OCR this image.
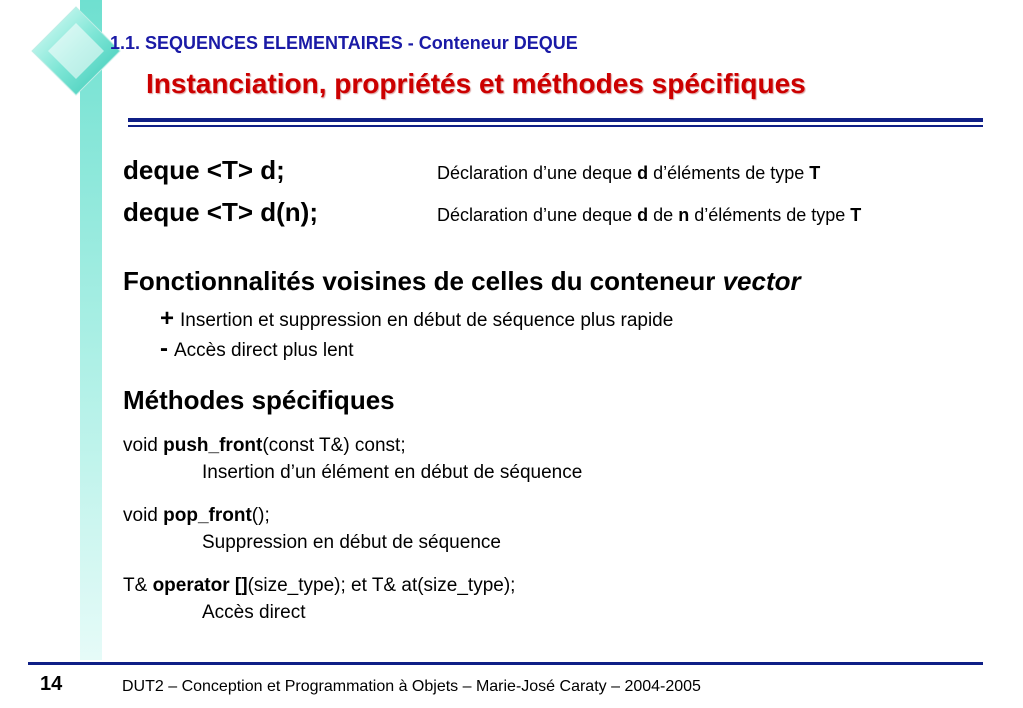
1.1. SEQUENCES ELEMENTAIRES - Conteneur DEQUE
Instanciation, propriétés et méthodes spécifiques
deque <T> d;	Déclaration d’une deque d d’éléments de type T
deque <T> d(n);	Déclaration d’une deque d de n d’éléments de type T
Fonctionnalités voisines de celles du conteneur vector
+ Insertion et suppression en début de séquence plus rapide
- Accès direct plus lent
Méthodes spécifiques
void push_front(const T&) const;
Insertion d’un élément en début de séquence
void pop_front();
Suppression en début de séquence
T& operator [](size_type); et T& at(size_type);
Accès direct
14	DUT2 – Conception et Programmation à Objets – Marie-José Caraty – 2004-2005
